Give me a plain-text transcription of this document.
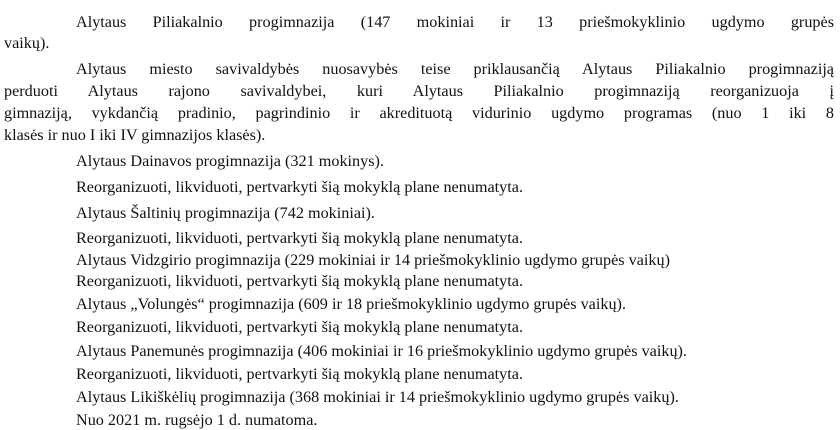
Alytaus Piliakalnio progimnazija (147 mokiniai ir 13 priešmokyklinio ugdymo grupės
vaikų).
Alytaus miesto savivaldybės nuosavybės teise priklausančią Alytaus Piliakalnio progimnaziją
perduoti Alytaus rajono savivaldybei, kuri Alytaus Piliakalnio progimnaziją reorganizuoja į
gimnaziją, vykdančią pradinio, pagrindinio ir akredituotą vidurinio ugdymo programas (nuo 1 iki 8
klasės ir nuo I iki IV gimnazijos klasės).
Alytaus Dainavos progimnazija (321 mokinys).
Reorganizuoti, likviduoti, pertvarkyti šią mokyklą plane nenumatyta.
Alytaus Šaltinių progimnazija (742 mokiniai).
Reorganizuoti, likviduoti, pertvarkyti šią mokyklą plane nenumatyta.
Alytaus Vidzgirio progimnazija (229 mokiniai ir 14 priešmokyklinio ugdymo grupės vaikų)
Reorganizuoti, likviduoti, pertvarkyti šią mokyklą plane nenumatyta.
Alytaus „Volungės“ progimnazija (609 ir 18 priešmokyklinio ugdymo grupės vaikų).
Reorganizuoti, likviduoti, pertvarkyti šią mokyklą plane nenumatyta.
Alytaus Panemunės progimnazija (406 mokiniai ir 16 priešmokyklinio ugdymo grupės vaikų).
Reorganizuoti, likviduoti, pertvarkyti šią mokyklą plane nenumatyta.
Alytaus Likiškėlių progimnazija (368 mokiniai ir 14 priešmokyklinio ugdymo grupės vaikų).
Nuo 2021 m. rugsėjo 1 d. numatoma.
